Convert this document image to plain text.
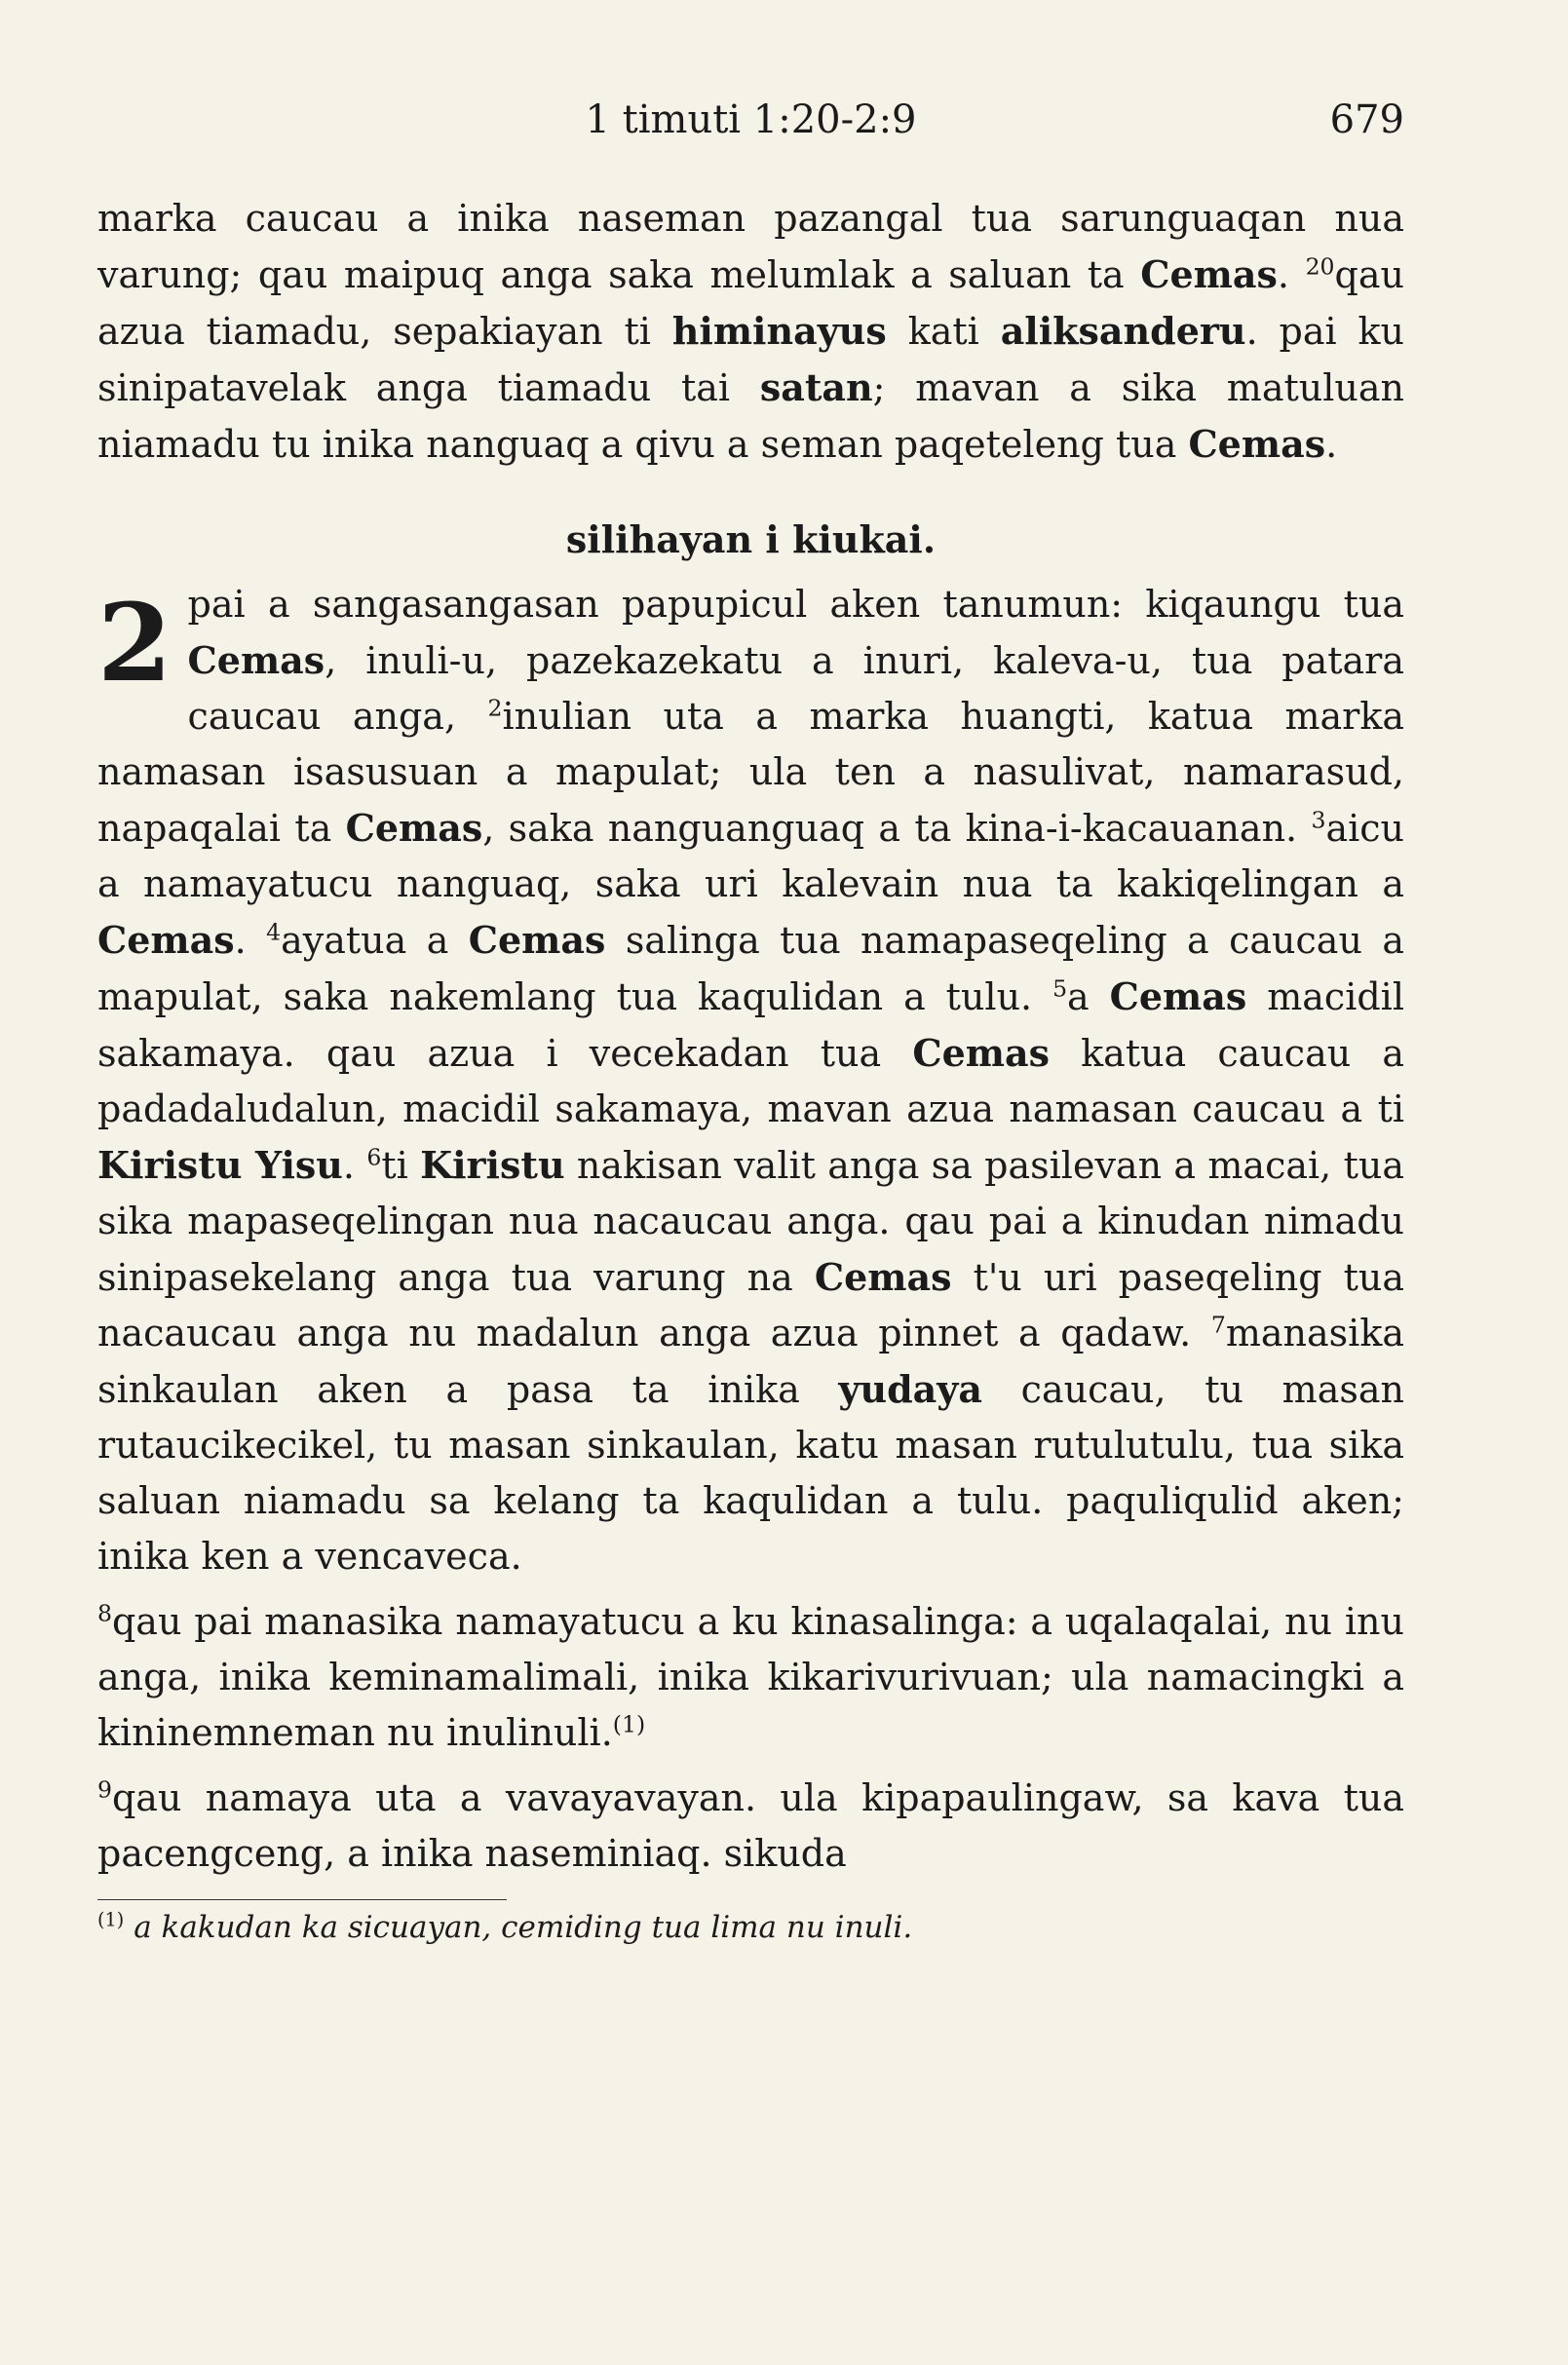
1 timuti 1:20-2:9	679

marka caucau a inika naseman pazangal tua sarunguaqan nua varung; qau maipuq anga saka melumlak a saluan ta Cemas. $^{20}$qau azua tiamadu, sepakiayan ti himinayus kati aliksanderu. pai ku sinipatavelak anga tiamadu tai satan; mavan a sika matuluan niamadu tu inika nanguaq a qivu a seman paqeteleng tua Cemas.

silihayan i kiukai.

2 pai a sangasangasan papupicul aken tanumun: kiqaungu tua Cemas, inuli-u, pazekazekatu a inuri, kaleva-u, tua patara caucau anga, $^2$inulian uta a marka huangti, katua marka namasan isasusuan a mapulat; ula ten a nasulivat, namarasud, napaqalai ta Cemas, saka nanguanguaq a ta kina-i-kacauanan. $^3$aicu a namayatucu nanguaq, saka uri kalevain nua ta kakiqelingan a Cemas. $^4$ayatua a Cemas salinga tua namapaseqeling a caucau a mapulat, saka nakemlang tua kaqulidan a tulu. $^5$a Cemas macidil sakamaya. qau azua i vecekadan tua Cemas katua caucau a padadaludalun, macidil sakamaya, mavan azua namasan caucau a ti Kiristu Yisu. $^6$ti Kiristu nakisan valit anga sa pasilevan a macai, tua sika mapaseqelingan nua nacaucau anga. qau pai a kinudan nimadu sinipasekelang anga tua varung na Cemas t'u uri paseqeling tua nacaucau anga nu madalun anga azua pinnet a qadaw. $^7$manasika sinkaulan aken a pasa ta inika yudaya caucau, tu masan rutaucikecikel, tu masan sinkaulan, katu masan rutulutulu, tua sika saluan niamadu sa kelang ta kaqulidan a tulu. paquliqulid aken; inika ken a vencaveca.

$^8$qau pai manasika namayatucu a ku kinasalinga: a uqalaqalai, nu inu anga, inika keminamalimali, inika kikarivurivuan; ula namacingki a kininemneman nu inulinuli.$^{(1)}$

$^9$qau namaya uta a vavayavayan. ula kipapaulingaw, sa kava tua pacengceng, a inika naseminiaq. sikuda

$^{(1)}$ a kakudan ka sicuayan, cemiding tua lima nu inuli.
